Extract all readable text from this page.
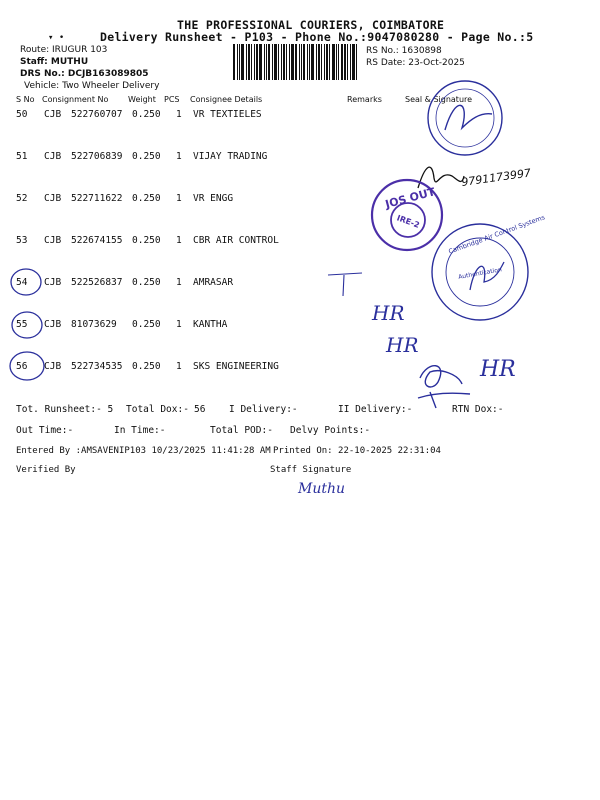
THE PROFESSIONAL COURIERS, COIMBATORE
▾ •	Delivery Runsheet - P103 - Phone No.:9047080280 - Page No.:5
Route: IRUGUR 103
Staff: MUTHU
DRS No.: DCJB163089805
Vehicle: Two Wheeler Delivery
RS No.: 1630898
RS Date: 23-Oct-2025
S No Consignment No Weight PCS Consignee Details	Remarks	Seal & Signature
50 CJB 522760707 0.250 1 VR TEXTIELES
51 CJB 522706839 0.250 1 VIJAY TRADING
52 CJB 522711622 0.250 1 VR ENGG
53 CJB 522674155 0.250 1 CBR AIR CONTROL
54 CJB 522526837 0.250 1 AMRASAR
55 CJB 81073629 0.250 1 KANTHA
56 CJB 522734535 0.250 1 SKS ENGINEERING
Tot. Runsheet:- 5 Total Dox:- 56 I Delivery:-	II Delivery:-	RTN Dox:-
Out Time:-	In Time:-	Total POD:- Delvy Points:-
Entered By :AMSAVENIP103 10/23/2025 11:41:28 AM Printed On: 22-10-2025 22:31:04
Verified By	Staff Signature
9791173997
JOS OUT
IRE-2	Cambridge Air Control Systems
Authentication
HR
HR
HR
Muthu
